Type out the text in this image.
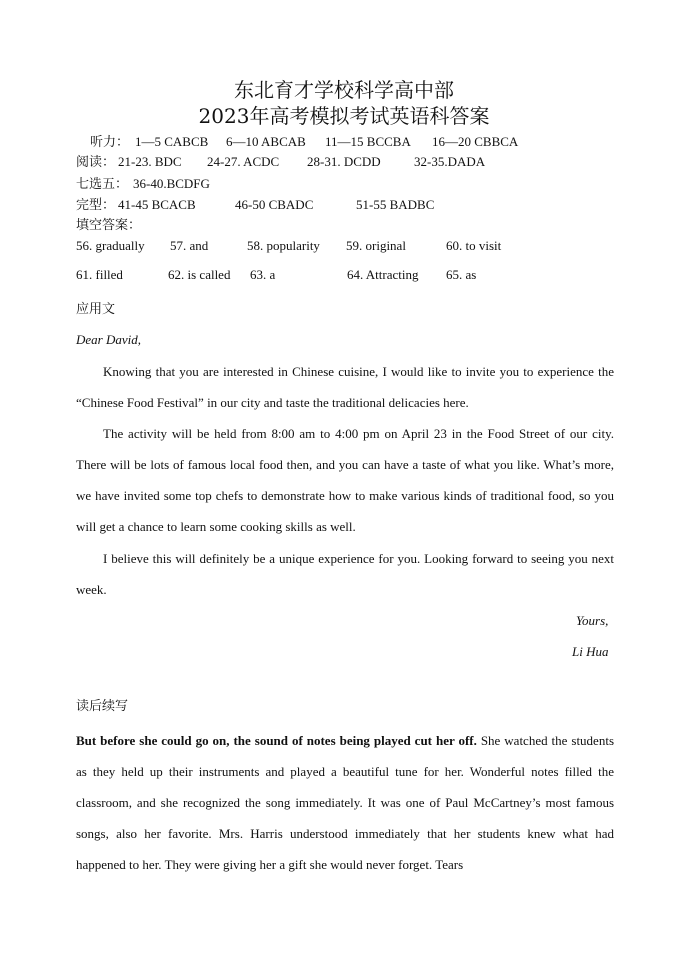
东北育才学校科学高中部
2023年高考模拟考试英语科答案
听力： 1—5 CABCB 6—10 ABCAB 11—15 BCCBA 16—20 CBBCA
阅读： 21-23. BDC 24-27. ACDC 28-31. DCDD	32-35.DADA
七选五： 36-40.BCDFG
完型： 41-45 BCACB	46-50 CBADC	51-55 BADBC
填空答案：
56. gradually 57. and	58. popularity 59. original	60. to visit
61. filled	62. is called 63. a	64. Attracting 65. as
应用文
Dear David,
Knowing that you are interested in Chinese cuisine, I would like to invite you to experience the “Chinese Food Festival” in our city and taste the traditional delicacies here.
The activity will be held from 8:00 am to 4:00 pm on April 23 in the Food Street of our city. There will be lots of famous local food then, and you can have a taste of what you like. What’s more, we have invited some top chefs to demonstrate how to make various kinds of traditional food, so you will get a chance to learn some cooking skills as well.
I believe this will definitely be a unique experience for you. Looking forward to seeing you next week.
Yours,
Li Hua
读后续写
But before she could go on, the sound of notes being played cut her off. She watched the students as they held up their instruments and played a beautiful tune for her. Wonderful notes filled the classroom, and she recognized the song immediately. It was one of Paul McCartney’s most famous songs, also her favorite. Mrs. Harris understood immediately that her students knew what had happened to her. They were giving her a gift she would never forget. Tears
